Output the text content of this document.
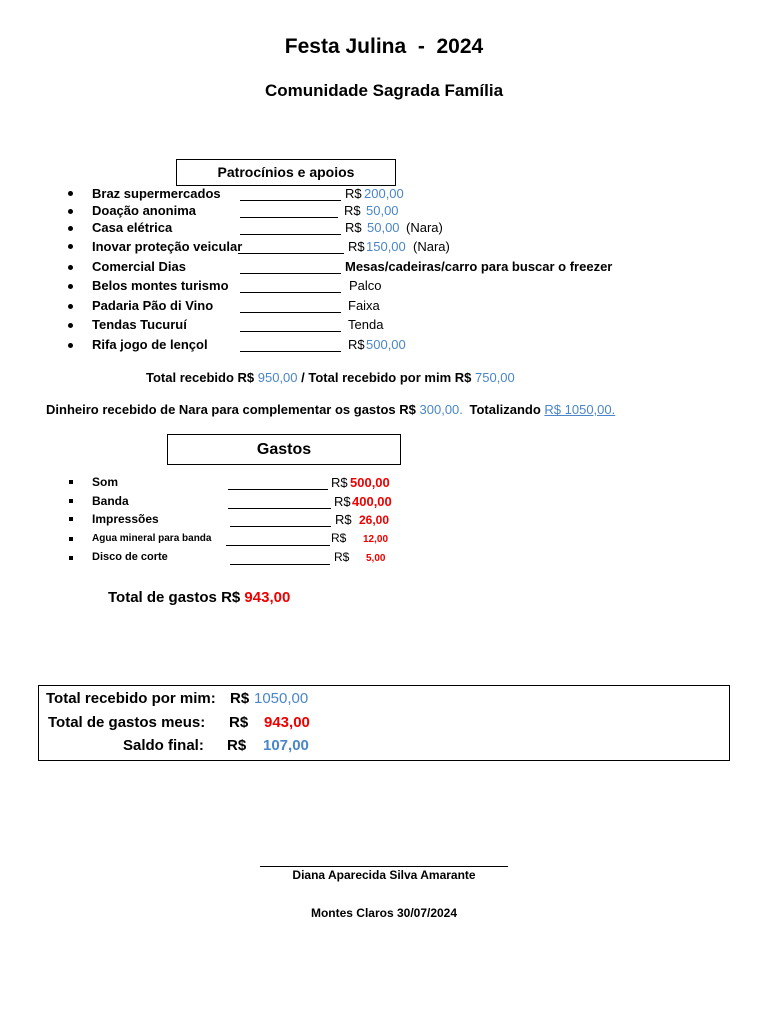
Festa Julina  -  2024
Comunidade Sagrada Família
Patrocínios e apoios
Braz supermercados	R$ 200,00
Doação anonima	R$ 50,00
Casa elétrica	R$ 50,00 (Nara)
Inovar proteção veicular	R$ 150,00 (Nara)
Comercial Dias	Mesas/cadeiras/carro para buscar o freezer
Belos montes turismo	Palco
Padaria Pão di Vino	Faixa
Tendas Tucuruí	Tenda
Rifa jogo de lençol	R$ 500,00
Total recebido R$ 950,00 / Total recebido por mim R$ 750,00
Dinheiro recebido de Nara para complementar os gastos R$ 300,00. Totalizando R$ 1050,00.
Gastos
Som	R$ 500,00
Banda	R$ 400,00
Impressões	R$ 26,00
Agua mineral para banda	R$ 12,00
Disco de corte	R$ 5,00
Total de gastos R$ 943,00
Total recebido por mim: R$ 1050,00
Total de gastos meus: R$ 943,00
Saldo final: R$ 107,00
Diana Aparecida Silva Amarante
Montes Claros 30/07/2024
